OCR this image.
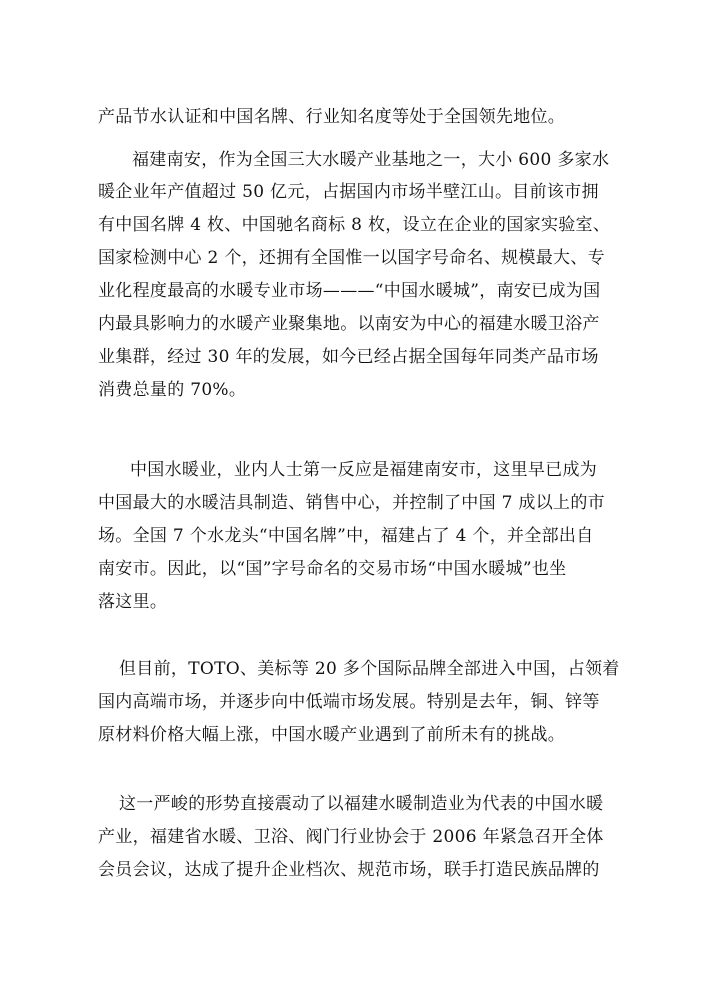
产品节水认证和中国名牌、行业知名度等处于全国领先地位。
福建南安，作为全国三大水暖产业基地之一，大小 600 多家水
暖企业年产值超过 50 亿元，占据国内市场半壁江山。目前该市拥
有中国名牌 4 枚、中国驰名商标 8 枚，设立在企业的国家实验室、
国家检测中心 2 个，还拥有全国惟一以国字号命名、规模最大、专
业化程度最高的水暖专业市场———“中国水暖城”，南安已成为国
内最具影响力的水暖产业聚集地。以南安为中心的福建水暖卫浴产
业集群，经过 30 年的发展，如今已经占据全国每年同类产品市场
消费总量的 70%。
中国水暖业，业内人士第一反应是福建南安市，这里早已成为
中国最大的水暖洁具制造、销售中心，并控制了中国 7 成以上的市
场。全国 7 个水龙头“中国名牌”中，福建占了 4 个，并全部出自
南安市。因此，以“国”字号命名的交易市场“中国水暖城”也坐
落这里。
但目前，TOTO、美标等 20 多个国际品牌全部进入中国，占领着
国内高端市场，并逐步向中低端市场发展。特别是去年，铜、锌等
原材料价格大幅上涨，中国水暖产业遇到了前所未有的挑战。
这一严峻的形势直接震动了以福建水暖制造业为代表的中国水暖
产业，福建省水暖、卫浴、阀门行业协会于 2006 年紧急召开全体
会员会议，达成了提升企业档次、规范市场，联手打造民族品牌的
